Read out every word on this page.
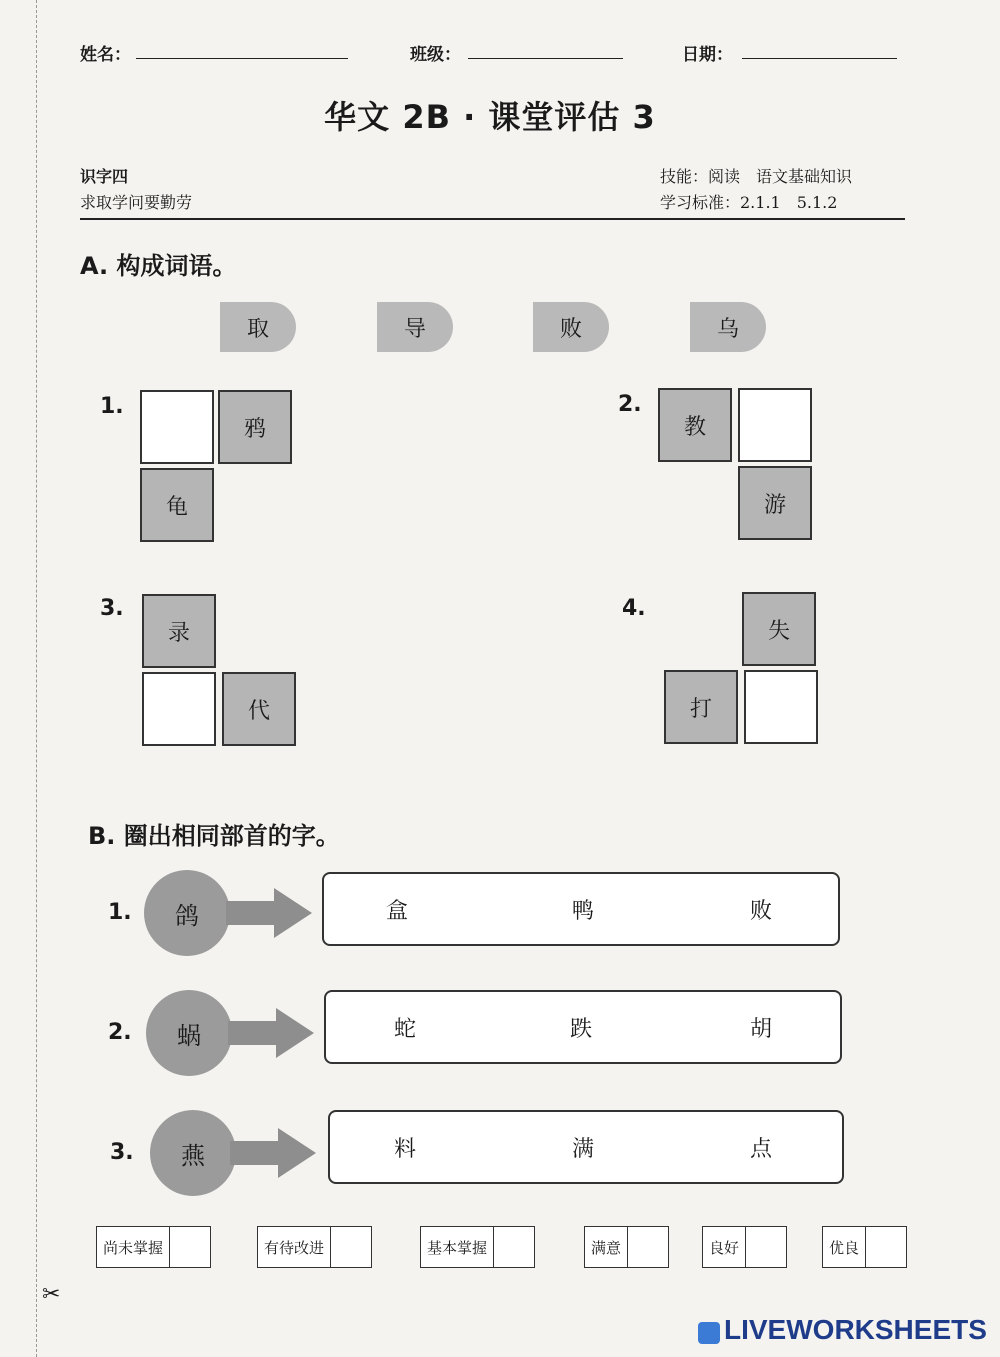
姓名：	班级：	日期：
华文 2B · 课堂评估 3
识字四
求取学问要勤劳
技能：阅读　语文基础知识
学习标准：2.1.1　5.1.2
A. 构成词语。
取	导	败	乌
1.
鸦
龟
2.
教
游
3.
录
代
4.
失
打
B. 圈出相同部首的字。
1.	鸽	盒	鸭	败
2.	蜗	蛇	跌	胡
3.	燕	料	满	点
尚未掌握	有待改进	基本掌握	满意	良好	优良
✂
LIVEWORKSHEETS
